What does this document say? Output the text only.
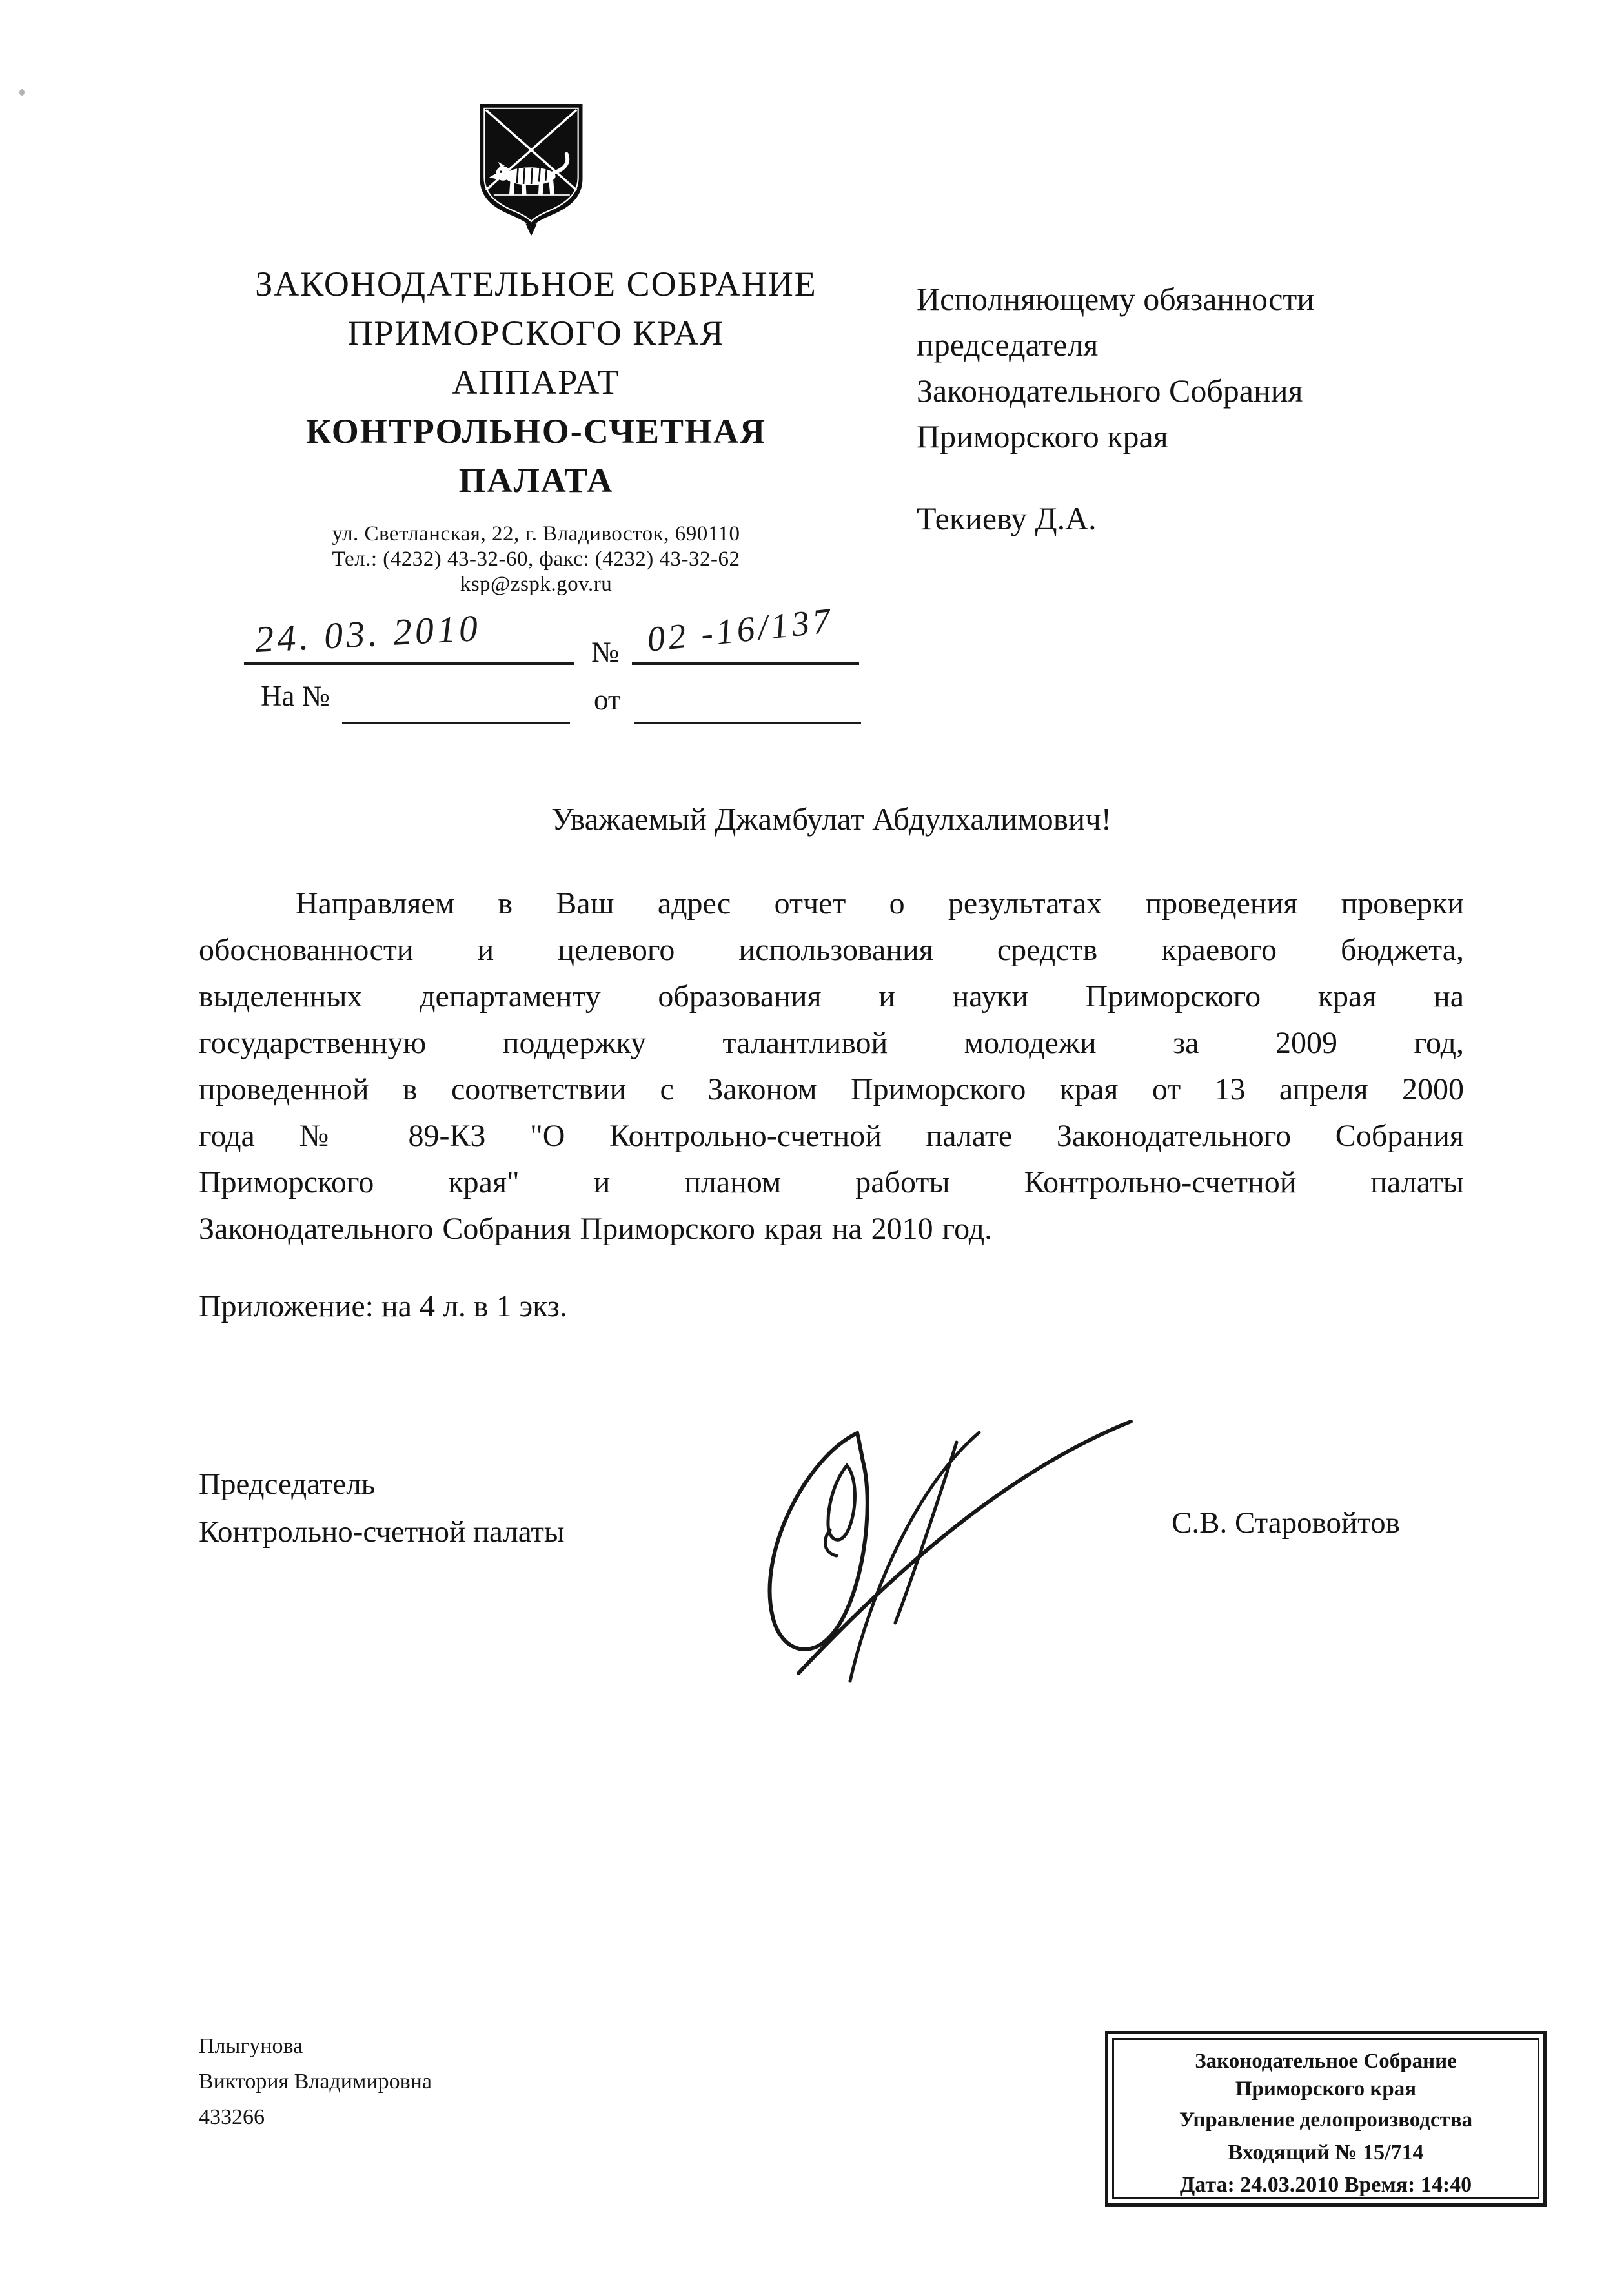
ЗАКОНОДАТЕЛЬНОЕ СОБРАНИЕ
ПРИМОРСКОГО КРАЯ
АППАРАТ
КОНТРОЛЬНО-СЧЕТНАЯ
ПАЛАТА
ул. Светланская, 22, г. Владивосток, 690110
Тел.: (4232) 43-32-60, факс: (4232) 43-32-62
ksp@zspk.gov.ru
Исполняющему обязанности
председателя
Законодательного Собрания
Приморского края
Текиеву Д.А.
24. 03. 2010	№ 02 -16/137
На №	от
Уважаемый Джамбулат Абдулхалимович!
Направляем в Ваш адрес отчет о результатах проведения проверки
обоснованности и целевого использования средств краевого бюджета,
выделенных департаменту образования и науки Приморского края на
государственную поддержку талантливой молодежи за 2009 год,
проведенной в соответствии с Законом Приморского края от 13 апреля 2000
года № 89-КЗ "О Контрольно-счетной палате Законодательного Собрания
Приморского края" и планом работы Контрольно-счетной палаты
Законодательного Собрания Приморского края на 2010 год.
Приложение: на 4 л. в 1 экз.
Председатель
Контрольно-счетной палаты	С.В. Старовойтов
Плыгунова
Виктория Владимировна
433266
Законодательное Собрание
Приморского края
Управление делопроизводства
Входящий № 15/714
Дата: 24.03.2010 Время: 14:40
